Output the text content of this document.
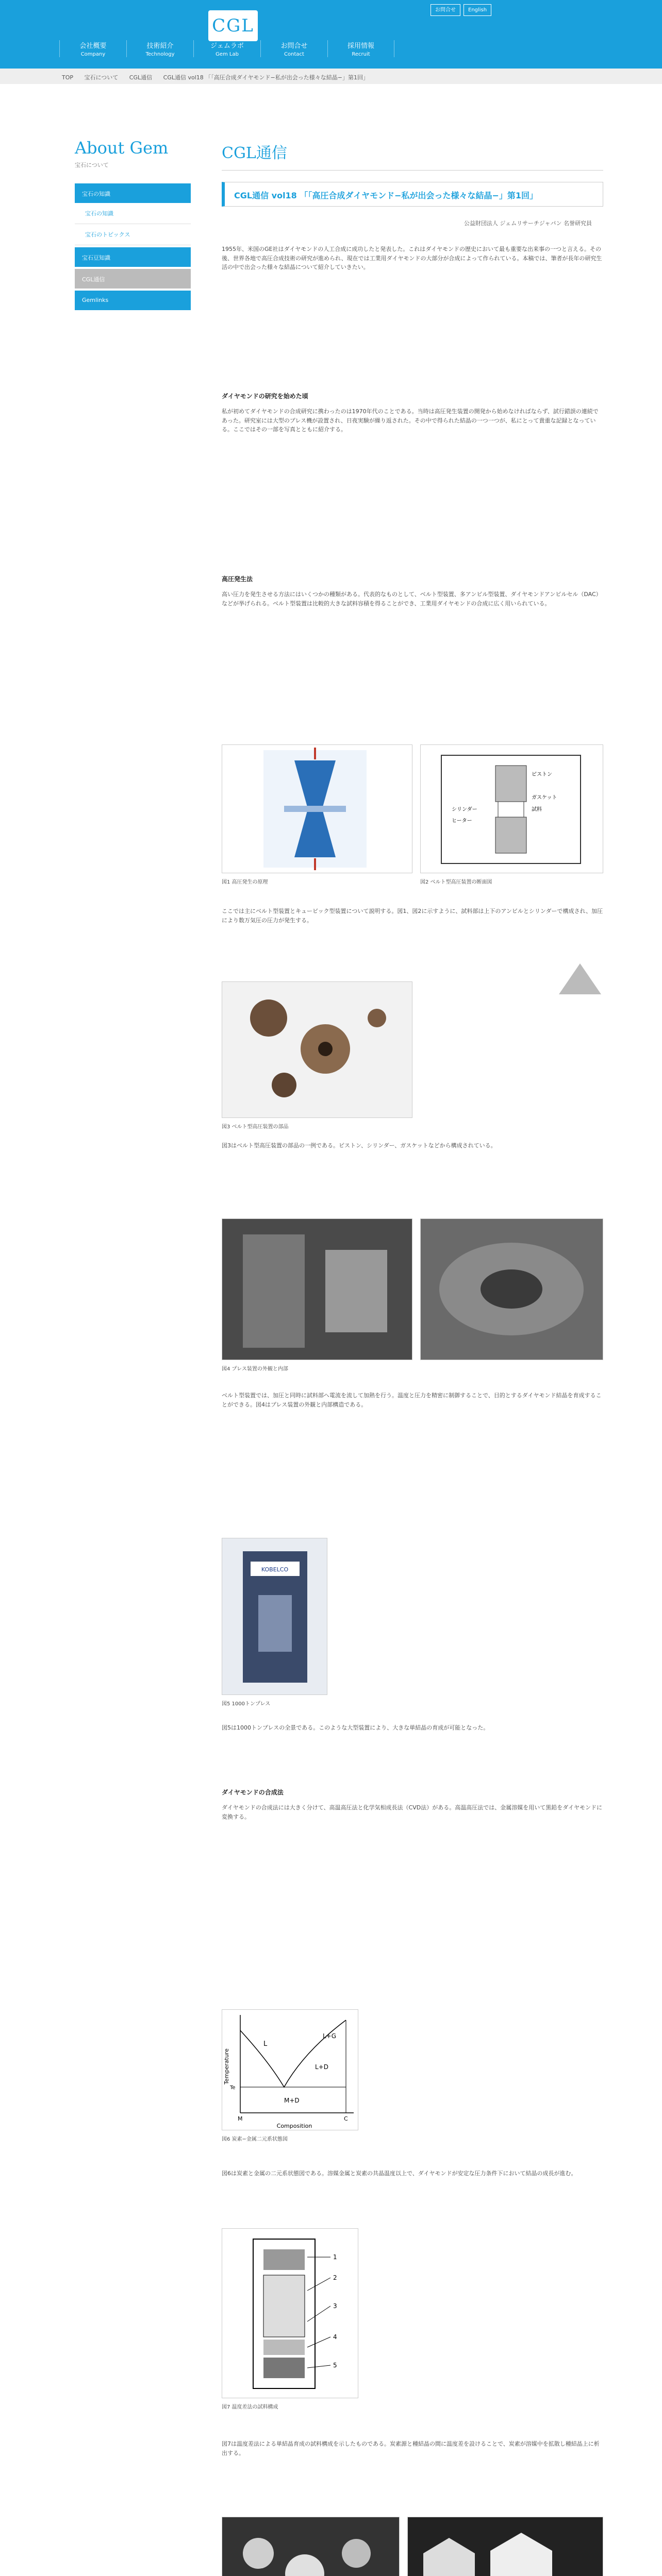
CGL
お問合せ	English
会社概要
Company
技術紹介
Technology
ジェムラボ
Gem Lab
お問合せ
Contact
採用情報
Recruit
TOP 宝石について CGL通信 CGL通信 vol18 「「高圧合成ダイヤモンド−私が出会った様々な結晶−」第1回」
About Gem
宝石について
宝石の知識
宝石の知識
宝石のトピックス
宝石豆知識
CGL通信
Gemlinks
CGL通信
CGL通信 vol18 「「高圧合成ダイヤモンド−私が出会った様々な結晶−」第1回」
公益財団法人 ジェムリサーチジャパン 名誉研究員

1955年、米国のGE社はダイヤモンドの人工合成に成功したと発表した。これはダイヤモンドの歴史において最も重要な出来事の一つと言える。その後、世界各地で高圧合成技術の研究が進められ、現在では工業用ダイヤモンドの大部分が合成によって作られている。本稿では、筆者が長年の研究生活の中で出会った様々な結晶について紹介していきたい。

ダイヤモンドの研究を始めた頃

私が初めてダイヤモンドの合成研究に携わったのは1970年代のことである。当時は高圧発生装置の開発から始めなければならず、試行錯誤の連続であった。研究室には大型のプレス機が設置され、日夜実験が繰り返された。その中で得られた結晶の一つ一つが、私にとって貴重な記録となっている。ここではその一部を写真とともに紹介する。

高圧発生法

高い圧力を発生させる方法にはいくつかの種類がある。代表的なものとして、ベルト型装置、多アンビル型装置、ダイヤモンドアンビルセル（DAC）などが挙げられる。ベルト型装置は比較的大きな試料容積を得ることができ、工業用ダイヤモンドの合成に広く用いられている。

図1 高圧発生の原理
ピストン
ガスケット
シリンダー	試料
ヒーター
図2 ベルト型高圧装置の断面図

ここでは主にベルト型装置とキュービック型装置について説明する。図1、図2に示すように、試料部は上下のアンビルとシリンダーで構成され、加圧により数万気圧の圧力が発生する。

図3 ベルト型高圧装置の部品

図3はベルト型高圧装置の部品の一例である。ピストン、シリンダー、ガスケットなどから構成されている。

図4 プレス装置の外観と内部

ベルト型装置では、加圧と同時に試料部へ電流を流して加熱を行う。温度と圧力を精密に制御することで、目的とするダイヤモンド結晶を育成することができる。図4はプレス装置の外観と内部構造である。

KOBELCO
図5 1000トンプレス

図5は1000トンプレスの全景である。このような大型装置により、大きな単結晶の育成が可能となった。

ダイヤモンドの合成法

ダイヤモンドの合成法には大きく分けて、高温高圧法と化学気相成長法（CVD法）がある。高温高圧法では、金属溶媒を用いて黒鉛をダイヤモンドに変換する。

L
L+G
L+D
M+D
Te
M	C
Composition
Temperature
図6 炭素−金属二元系状態図

図6は炭素と金属の二元系状態図である。溶媒金属と炭素の共晶温度以上で、ダイヤモンドが安定な圧力条件下において結晶の成長が進む。

1
2
3
4
5
図7 温度差法の試料構成

図7は温度差法による単結晶育成の試料構成を示したものである。炭素源と種結晶の間に温度差を設けることで、炭素が溶媒中を拡散し種結晶上に析出する。
